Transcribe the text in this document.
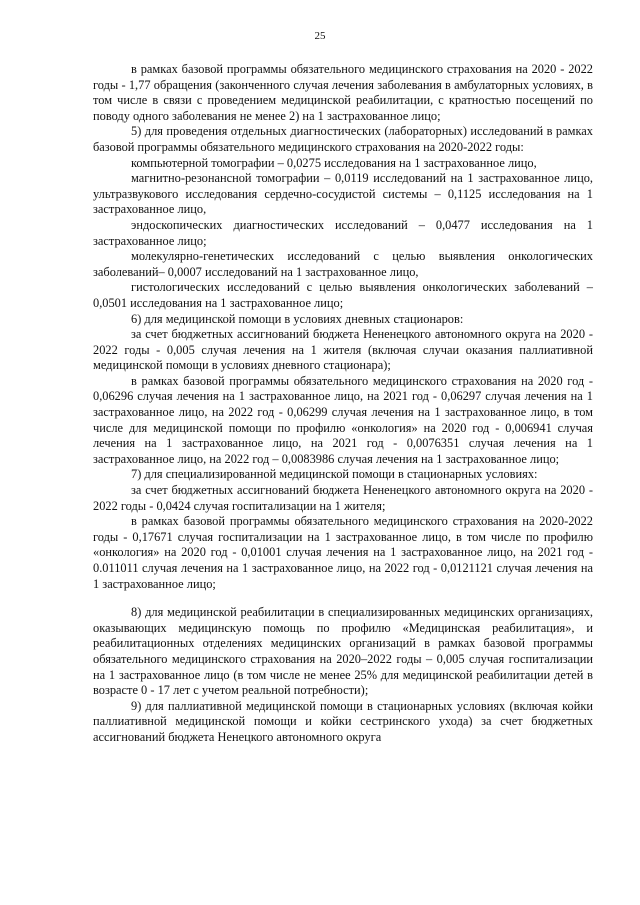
25

в рамках базовой программы обязательного медицинского страхования на 2020 - 2022 годы - 1,77 обращения (законченного случая лечения заболевания в амбулаторных условиях, в том числе в связи с проведением медицинской реабилитации, с кратностью посещений по поводу одного заболевания не менее 2) на 1 застрахованное лицо;

5) для проведения отдельных диагностических (лабораторных) исследований в рамках базовой программы обязательного медицинского страхования на 2020-2022 годы:

компьютерной томографии – 0,0275 исследования на 1 застрахованное лицо,

магнитно-резонансной томографии – 0,0119 исследований на 1 застрахованное лицо, ультразвукового исследования сердечно-сосудистой системы – 0,1125 исследования на 1 застрахованное лицо,

эндоскопических диагностических исследований – 0,0477 исследования на 1 застрахованное лицо;

молекулярно-генетических исследований с целью выявления онкологических заболеваний– 0,0007 исследований на 1 застрахованное лицо,

гистологических исследований с целью выявления онкологических заболеваний – 0,0501 исследования на 1 застрахованное лицо;

6) для медицинской помощи в условиях дневных стационаров:

за счет бюджетных ассигнований бюджета Нененецкого автономного округа на 2020 - 2022 годы - 0,005 случая лечения на 1 жителя (включая случаи оказания паллиативной медицинской помощи в условиях дневного стационара);

в рамках базовой программы обязательного медицинского страхования на 2020 год - 0,06296 случая лечения на 1 застрахованное лицо, на 2021 год - 0,06297 случая лечения на 1 застрахованное лицо, на 2022 год - 0,06299 случая лечения на 1 застрахованное лицо, в том числе для медицинской помощи по профилю «онкология» на 2020 год - 0,006941 случая лечения на 1 застрахованное лицо, на 2021 год - 0,0076351 случая лечения на 1 застрахованное лицо, на 2022 год – 0,0083986 случая лечения на 1 застрахованное лицо;

7) для специализированной медицинской помощи в стационарных условиях:

за счет бюджетных ассигнований бюджета Нененецкого автономного округа на 2020 - 2022 годы - 0,0424 случая госпитализации на 1 жителя;

в рамках базовой программы обязательного медицинского страхования на 2020-2022 годы - 0,17671 случая госпитализации на 1 застрахованное лицо, в том числе по профилю «онкология» на 2020 год - 0,01001 случая лечения на 1 застрахованное лицо, на 2021 год - 0.011011 случая лечения на 1 застрахованное лицо, на 2022 год - 0,0121121 случая лечения на 1 застрахованное лицо;

8) для медицинской реабилитации в специализированных медицинских организациях, оказывающих медицинскую помощь по профилю «Медицинская реабилитация», и реабилитационных отделениях медицинских организаций в рамках базовой программы обязательного медицинского страхования на 2020–2022 годы – 0,005 случая госпитализации на 1 застрахованное лицо (в том числе не менее 25% для медицинской реабилитации детей в возрасте 0 - 17 лет с учетом реальной потребности);

9) для паллиативной медицинской помощи в стационарных условиях (включая койки паллиативной медицинской помощи и койки сестринского ухода) за счет бюджетных ассигнований бюджета Ненецкого автономного округа
